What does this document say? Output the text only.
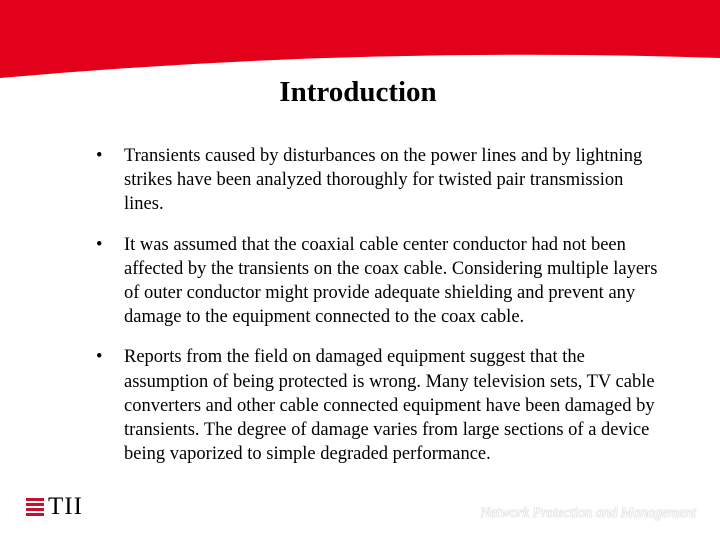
Introduction
• Transients caused by disturbances on the power lines and by lightning strikes have been analyzed thoroughly for twisted pair transmission lines.
• It was assumed that the coaxial cable center conductor had not been affected by the transients on the coax cable. Considering multiple layers of outer conductor might provide adequate shielding and prevent any damage to the equipment connected to the coax cable.
• Reports from the field on damaged equipment suggest that the assumption of being protected is wrong. Many television sets, TV cable converters and other cable connected equipment have been damaged by transients. The degree of damage varies from large sections of a device being vaporized to simple degraded performance.
TII	Network Protection and Management
